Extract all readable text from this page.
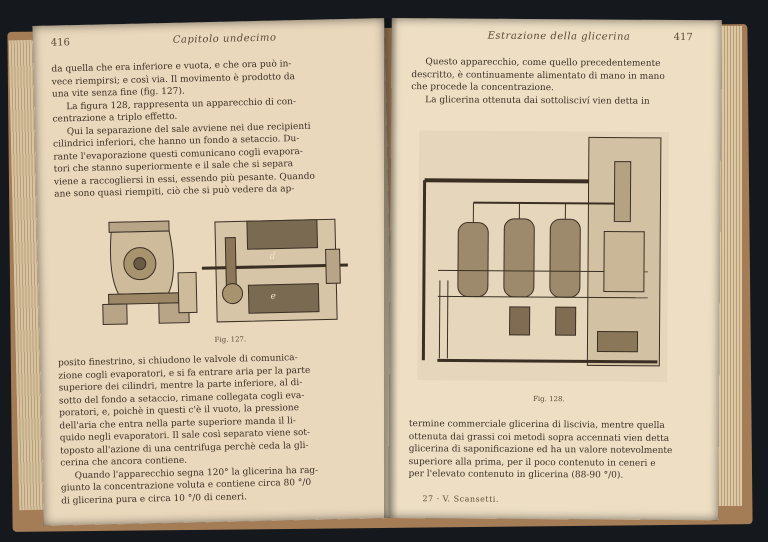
416	Capitolo undecimo

da quella che era inferiore e vuota, e che ora può in-

vece riempirsi; e così via. Il movimento è prodotto da

una vite senza fine (fig. 127).

La figura 128, rappresenta un apparecchio di con-

centrazione a triplo effetto.

Qui la separazione del sale avviene nei due recipienti

cilindrici inferiori, che hanno un fondo a setaccio. Du-

rante l'evaporazione questi comunicano cogli evapora-

tori che stanno superiormente e il sale che si separa

viene a raccogliersi in essi, essendo più pesante. Quando

ane sono quasi riempiti, ciò che si può vedere da ap-

d
e
Fig. 127.

posito finestrino, si chiudono le valvole di comunica-

zione cogli evaporatori, e si fa entrare aria per la parte

superiore dei cilindri, mentre la parte inferiore, al di-

sotto del fondo a setaccio, rimane collegata cogli eva-

poratori, e, poichè in questi c'è il vuoto, la pressione

dell'aria che entra nella parte superiore manda il li-

quido negli evaporatori. Il sale così separato viene sot-

toposto all'azione di una centrifuga perchè ceda la gli-

cerina che ancora contiene.

Quando l'apparecchio segna 120° la glicerina ha rag-

giunto la concentrazione voluta e contiene circa 80 °/0

di glicerina pura e circa 10 °/0 di ceneri.

Estrazione della glicerina	417

Questo apparecchio, come quello precedentemente

descritto, è continuamente alimentato di mano in mano

che procede la concentrazione.

La glicerina ottenuta dai sottolisciví vien detta in

Fig. 128.

termine commerciale glicerina di liscivia, mentre quella

ottenuta dai grassi coi metodi sopra accennati vien detta

glicerina di saponificazione ed ha un valore notevolmente

superiore alla prima, per il poco contenuto in ceneri e

per l'elevato contenuto in glicerina (88-90 °/0).

27 · V. Scansetti.
